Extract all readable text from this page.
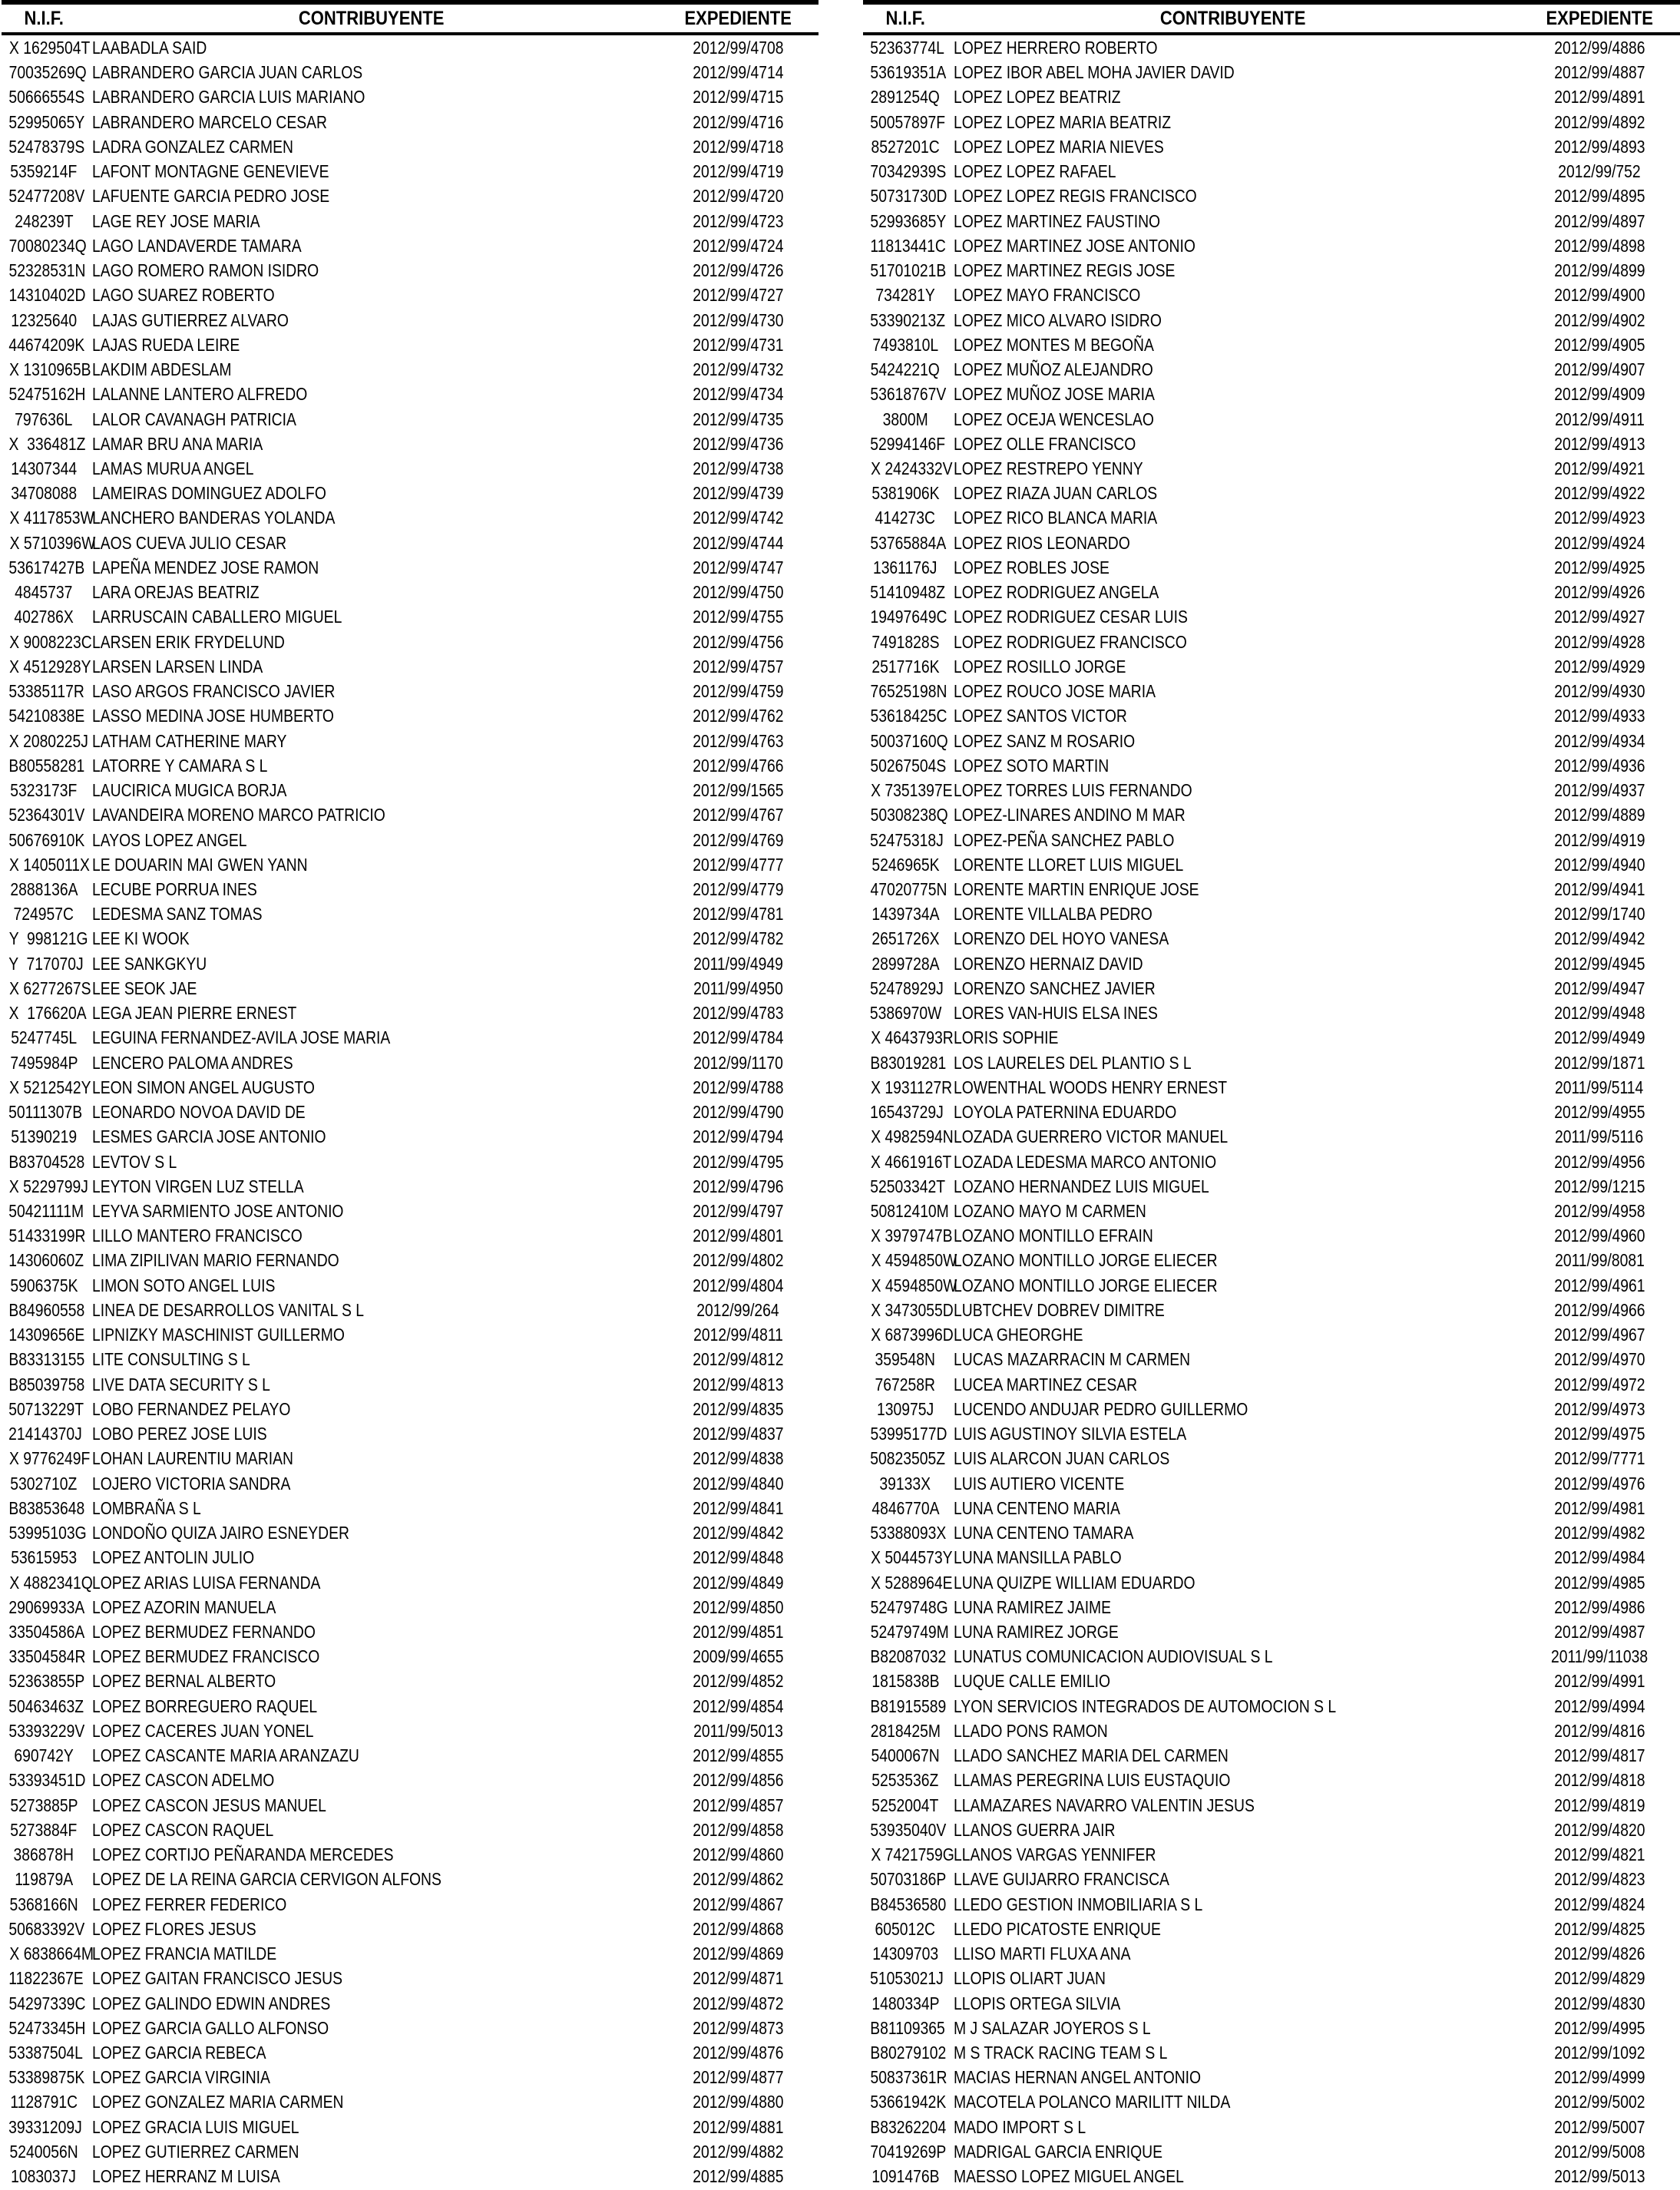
N.I.F.	CONTRIBUYENTE	EXPEDIENTE
X 1629504T	LAABADLA SAID	2012/99/4708
70035269Q	LABRANDERO GARCIA JUAN CARLOS	2012/99/4714
50666554S	LABRANDERO GARCIA LUIS MARIANO	2012/99/4715
52995065Y	LABRANDERO MARCELO CESAR	2012/99/4716
52478379S	LADRA GONZALEZ CARMEN	2012/99/4718
5359214F	LAFONT MONTAGNE GENEVIEVE	2012/99/4719
52477208V	LAFUENTE GARCIA PEDRO JOSE	2012/99/4720
248239T	LAGE REY JOSE MARIA	2012/99/4723
70080234Q	LAGO LANDAVERDE TAMARA	2012/99/4724
52328531N	LAGO ROMERO RAMON ISIDRO	2012/99/4726
14310402D	LAGO SUAREZ ROBERTO	2012/99/4727
12325640	LAJAS GUTIERREZ ALVARO	2012/99/4730
44674209K	LAJAS RUEDA LEIRE	2012/99/4731
X 1310965B	LAKDIM ABDESLAM	2012/99/4732
52475162H	LALANNE LANTERO ALFREDO	2012/99/4734
797636L	LALOR CAVANAGH PATRICIA	2012/99/4735
X  336481Z	LAMAR BRU ANA MARIA	2012/99/4736
14307344	LAMAS MURUA ANGEL	2012/99/4738
34708088	LAMEIRAS DOMINGUEZ ADOLFO	2012/99/4739
X 4117853W	LANCHERO BANDERAS YOLANDA	2012/99/4742
X 5710396W	LAOS CUEVA JULIO CESAR	2012/99/4744
53617427B	LAPEÑA MENDEZ JOSE RAMON	2012/99/4747
4845737	LARA OREJAS BEATRIZ	2012/99/4750
402786X	LARRUSCAIN CABALLERO MIGUEL	2012/99/4755
X 9008223C	LARSEN ERIK FRYDELUND	2012/99/4756
X 4512928Y	LARSEN LARSEN LINDA	2012/99/4757
53385117R	LASO ARGOS FRANCISCO JAVIER	2012/99/4759
54210838E	LASSO MEDINA JOSE HUMBERTO	2012/99/4762
X 2080225J	LATHAM CATHERINE MARY	2012/99/4763
B80558281	LATORRE Y CAMARA S L	2012/99/4766
5323173F	LAUCIRICA MUGICA BORJA	2012/99/1565
52364301V	LAVANDEIRA MORENO MARCO PATRICIO	2012/99/4767
50676910K	LAYOS LOPEZ ANGEL	2012/99/4769
X 1405011X	LE DOUARIN MAI GWEN YANN	2012/99/4777
2888136A	LECUBE PORRUA INES	2012/99/4779
724957C	LEDESMA SANZ TOMAS	2012/99/4781
Y  998121G	LEE KI WOOK	2012/99/4782
Y  717070J	LEE SANKGKYU	2011/99/4949
X 6277267S	LEE SEOK JAE	2011/99/4950
X  176620A	LEGA JEAN PIERRE ERNEST	2012/99/4783
5247745L	LEGUINA FERNANDEZ-AVILA JOSE MARIA	2012/99/4784
7495984P	LENCERO PALOMA ANDRES	2012/99/1170
X 5212542Y	LEON SIMON ANGEL AUGUSTO	2012/99/4788
50111307B	LEONARDO NOVOA DAVID DE	2012/99/4790
51390219	LESMES GARCIA JOSE ANTONIO	2012/99/4794
B83704528	LEVTOV S L	2012/99/4795
X 5229799J	LEYTON VIRGEN LUZ STELLA	2012/99/4796
50421111M	LEYVA SARMIENTO JOSE ANTONIO	2012/99/4797
51433199R	LILLO MANTERO FRANCISCO	2012/99/4801
14306060Z	LIMA ZIPILIVAN MARIO FERNANDO	2012/99/4802
5906375K	LIMON SOTO ANGEL LUIS	2012/99/4804
B84960558	LINEA DE DESARROLLOS VANITAL S L	2012/99/264
14309656E	LIPNIZKY MASCHINIST GUILLERMO	2012/99/4811
B83313155	LITE CONSULTING S L	2012/99/4812
B85039758	LIVE DATA SECURITY S L	2012/99/4813
50713229T	LOBO FERNANDEZ PELAYO	2012/99/4835
21414370J	LOBO PEREZ JOSE LUIS	2012/99/4837
X 9776249F	LOHAN LAURENTIU MARIAN	2012/99/4838
5302710Z	LOJERO VICTORIA SANDRA	2012/99/4840
B83853648	LOMBRAÑA S L	2012/99/4841
53995103G	LONDOÑO QUIZA JAIRO ESNEYDER	2012/99/4842
53615953	LOPEZ ANTOLIN JULIO	2012/99/4848
X 4882341Q	LOPEZ ARIAS LUISA FERNANDA	2012/99/4849
29069933A	LOPEZ AZORIN MANUELA	2012/99/4850
33504586A	LOPEZ BERMUDEZ FERNANDO	2012/99/4851
33504584R	LOPEZ BERMUDEZ FRANCISCO	2009/99/4655
52363855P	LOPEZ BERNAL ALBERTO	2012/99/4852
50463463Z	LOPEZ BORREGUERO RAQUEL	2012/99/4854
53393229V	LOPEZ CACERES JUAN YONEL	2011/99/5013
690742Y	LOPEZ CASCANTE MARIA ARANZAZU	2012/99/4855
53393451D	LOPEZ CASCON ADELMO	2012/99/4856
5273885P	LOPEZ CASCON JESUS MANUEL	2012/99/4857
5273884F	LOPEZ CASCON RAQUEL	2012/99/4858
386878H	LOPEZ CORTIJO PEÑARANDA MERCEDES	2012/99/4860
119879A	LOPEZ DE LA REINA GARCIA CERVIGON ALFONS	2012/99/4862
5368166N	LOPEZ FERRER FEDERICO	2012/99/4867
50683392V	LOPEZ FLORES JESUS	2012/99/4868
X 6838664M	LOPEZ FRANCIA MATILDE	2012/99/4869
11822367E	LOPEZ GAITAN FRANCISCO JESUS	2012/99/4871
54297339C	LOPEZ GALINDO EDWIN ANDRES	2012/99/4872
52473345H	LOPEZ GARCIA GALLO ALFONSO	2012/99/4873
53387504L	LOPEZ GARCIA REBECA	2012/99/4876
53389875K	LOPEZ GARCIA VIRGINIA	2012/99/4877
1128791C	LOPEZ GONZALEZ MARIA CARMEN	2012/99/4880
39331209J	LOPEZ GRACIA LUIS MIGUEL	2012/99/4881
5240056N	LOPEZ GUTIERREZ CARMEN	2012/99/4882
1083037J	LOPEZ HERRANZ M LUISA	2012/99/4885
N.I.F.	CONTRIBUYENTE	EXPEDIENTE
52363774L	LOPEZ HERRERO ROBERTO	2012/99/4886
53619351A	LOPEZ IBOR ABEL MOHA JAVIER DAVID	2012/99/4887
2891254Q	LOPEZ LOPEZ BEATRIZ	2012/99/4891
50057897F	LOPEZ LOPEZ MARIA BEATRIZ	2012/99/4892
8527201C	LOPEZ LOPEZ MARIA NIEVES	2012/99/4893
70342939S	LOPEZ LOPEZ RAFAEL	2012/99/752
50731730D	LOPEZ LOPEZ REGIS FRANCISCO	2012/99/4895
52993685Y	LOPEZ MARTINEZ FAUSTINO	2012/99/4897
11813441C	LOPEZ MARTINEZ JOSE ANTONIO	2012/99/4898
51701021B	LOPEZ MARTINEZ REGIS JOSE	2012/99/4899
734281Y	LOPEZ MAYO FRANCISCO	2012/99/4900
53390213Z	LOPEZ MICO ALVARO ISIDRO	2012/99/4902
7493810L	LOPEZ MONTES M BEGOÑA	2012/99/4905
5424221Q	LOPEZ MUÑOZ ALEJANDRO	2012/99/4907
53618767V	LOPEZ MUÑOZ JOSE MARIA	2012/99/4909
3800M	LOPEZ OCEJA WENCESLAO	2012/99/4911
52994146F	LOPEZ OLLE FRANCISCO	2012/99/4913
X 2424332V	LOPEZ RESTREPO YENNY	2012/99/4921
5381906K	LOPEZ RIAZA JUAN CARLOS	2012/99/4922
414273C	LOPEZ RICO BLANCA MARIA	2012/99/4923
53765884A	LOPEZ RIOS LEONARDO	2012/99/4924
1361176J	LOPEZ ROBLES JOSE	2012/99/4925
51410948Z	LOPEZ RODRIGUEZ ANGELA	2012/99/4926
19497649C	LOPEZ RODRIGUEZ CESAR LUIS	2012/99/4927
7491828S	LOPEZ RODRIGUEZ FRANCISCO	2012/99/4928
2517716K	LOPEZ ROSILLO JORGE	2012/99/4929
76525198N	LOPEZ ROUCO JOSE MARIA	2012/99/4930
53618425C	LOPEZ SANTOS VICTOR	2012/99/4933
50037160Q	LOPEZ SANZ M ROSARIO	2012/99/4934
50267504S	LOPEZ SOTO MARTIN	2012/99/4936
X 7351397E	LOPEZ TORRES LUIS FERNANDO	2012/99/4937
50308238Q	LOPEZ-LINARES ANDINO M MAR	2012/99/4889
52475318J	LOPEZ-PEÑA SANCHEZ PABLO	2012/99/4919
5246965K	LORENTE LLORET LUIS MIGUEL	2012/99/4940
47020775N	LORENTE MARTIN ENRIQUE JOSE	2012/99/4941
1439734A	LORENTE VILLALBA PEDRO	2012/99/1740
2651726X	LORENZO DEL HOYO VANESA	2012/99/4942
2899728A	LORENZO HERNAIZ DAVID	2012/99/4945
52478929J	LORENZO SANCHEZ JAVIER	2012/99/4947
5386970W	LORES VAN-HUIS ELSA INES	2012/99/4948
X 4643793R	LORIS SOPHIE	2012/99/4949
B83019281	LOS LAURELES DEL PLANTIO S L	2012/99/1871
X 1931127R	LOWENTHAL WOODS HENRY ERNEST	2011/99/5114
16543729J	LOYOLA PATERNINA EDUARDO	2012/99/4955
X 4982594N	LOZADA GUERRERO VICTOR MANUEL	2011/99/5116
X 4661916T	LOZADA LEDESMA MARCO ANTONIO	2012/99/4956
52503342T	LOZANO HERNANDEZ LUIS MIGUEL	2012/99/1215
50812410M	LOZANO MAYO M CARMEN	2012/99/4958
X 3979747B	LOZANO MONTILLO EFRAIN	2012/99/4960
X 4594850W	LOZANO MONTILLO JORGE ELIECER	2011/99/8081
X 4594850W	LOZANO MONTILLO JORGE ELIECER	2012/99/4961
X 3473055D	LUBTCHEV DOBREV DIMITRE	2012/99/4966
X 6873996D	LUCA GHEORGHE	2012/99/4967
359548N	LUCAS MAZARRACIN M CARMEN	2012/99/4970
767258R	LUCEA MARTINEZ CESAR	2012/99/4972
130975J	LUCENDO ANDUJAR PEDRO GUILLERMO	2012/99/4973
53995177D	LUIS AGUSTINOY SILVIA ESTELA	2012/99/4975
50823505Z	LUIS ALARCON JUAN CARLOS	2012/99/7771
39133X	LUIS AUTIERO VICENTE	2012/99/4976
4846770A	LUNA CENTENO MARIA	2012/99/4981
53388093X	LUNA CENTENO TAMARA	2012/99/4982
X 5044573Y	LUNA MANSILLA PABLO	2012/99/4984
X 5288964E	LUNA QUIZPE WILLIAM EDUARDO	2012/99/4985
52479748G	LUNA RAMIREZ JAIME	2012/99/4986
52479749M	LUNA RAMIREZ JORGE	2012/99/4987
B82087032	LUNATUS COMUNICACION AUDIOVISUAL S L	2011/99/11038
1815838B	LUQUE CALLE EMILIO	2012/99/4991
B81915589	LYON SERVICIOS INTEGRADOS DE AUTOMOCION S L	2012/99/4994
2818425M	LLADO PONS RAMON	2012/99/4816
5400067N	LLADO SANCHEZ MARIA DEL CARMEN	2012/99/4817
5253536Z	LLAMAS PEREGRINA LUIS EUSTAQUIO	2012/99/4818
5252004T	LLAMAZARES NAVARRO VALENTIN JESUS	2012/99/4819
53935040V	LLANOS GUERRA JAIR	2012/99/4820
X 7421759G	LLANOS VARGAS YENNIFER	2012/99/4821
50703186P	LLAVE GUIJARRO FRANCISCA	2012/99/4823
B84536580	LLEDO GESTION INMOBILIARIA S L	2012/99/4824
605012C	LLEDO PICATOSTE ENRIQUE	2012/99/4825
14309703	LLISO MARTI FLUXA ANA	2012/99/4826
51053021J	LLOPIS OLIART JUAN	2012/99/4829
1480334P	LLOPIS ORTEGA SILVIA	2012/99/4830
B81109365	M J SALAZAR JOYEROS S L	2012/99/4995
B80279102	M S TRACK RACING TEAM S L	2012/99/1092
50837361R	MACIAS HERNAN ANGEL ANTONIO	2012/99/4999
53661942K	MACOTELA POLANCO MARILITT NILDA	2012/99/5002
B83262204	MADO IMPORT S L	2012/99/5007
70419269P	MADRIGAL GARCIA ENRIQUE	2012/99/5008
1091476B	MAESSO LOPEZ MIGUEL ANGEL	2012/99/5013
